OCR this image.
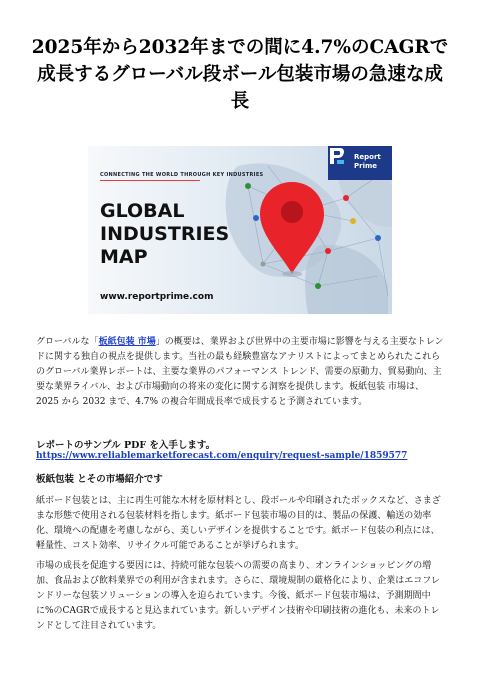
2025年から2032年までの間に4.7%のCAGRで成長するグローバル段ボール包装市場の急速な成長
CONNECTING THE WORLD THROUGH KEY INDUSTRIES
GLOBAL
INDUSTRIES
MAP
www.reportprime.com
Report
Prime

グローバルな「板紙包装 市場」の概要は、業界および世界中の主要市場に影響を与える主要なトレンドに関する独自の視点を提供します。当社の最も経験豊富なアナリストによってまとめられたこれらのグローバル業界レポートは、主要な業界のパフォーマンス トレンド、需要の原動力、貿易動向、主要な業界ライバル、および市場動向の将来の変化に関する洞察を提供します。板紙包装 市場は、2025 から 2032 まで、4.7% の複合年間成長率で成長すると予測されています。

レポートのサンプル PDF を入手します。

https://www.reliablemarketforecast.com/enquiry/request-sample/1859577

板紙包装 とその市場紹介です

紙ボード包装とは、主に再生可能な木材を原材料とし、段ボールや印刷されたボックスなど、さまざまな形態で使用される包装材料を指します。紙ボード包装市場の目的は、製品の保護、輸送の効率化、環境への配慮を考慮しながら、美しいデザインを提供することです。紙ボード包装の利点には、軽量性、コスト効率、リサイクル可能であることが挙げられます。

市場の成長を促進する要因には、持続可能な包装への需要の高まり、オンラインショッピングの増加、食品および飲料業界での利用が含まれます。さらに、環境規制の厳格化により、企業はエコフレンドリーな包装ソリューションの導入を迫られています。今後、紙ボード包装市場は、予測期間中に%のCAGRで成長すると見込まれています。新しいデザイン技術や印刷技術の進化も、未来のトレンドとして注目されています。
